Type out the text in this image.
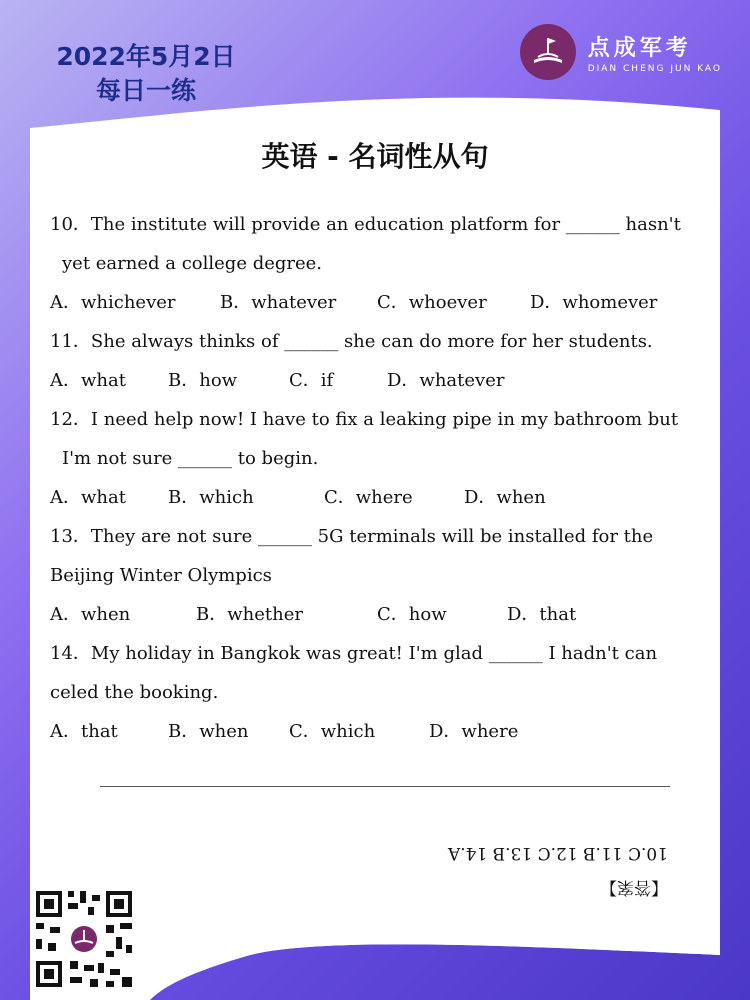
2022年5月2日
每日一练
点成军考
DIAN CHENG JUN KAO
英语 - 名词性从句
10．The institute will provide an education platform for ______ hasn't
yet earned a college degree.
A．whichever	B．whatever	C．whoever	D．whomever
11．She always thinks of ______ she can do more for her students.
A．what	B．how	C．if	D．whatever
12．I need help now! I have to fix a leaking pipe in my bathroom but
I'm not sure ______ to begin.
A．what	B．which	C．where	D．when
13．They are not sure ______ 5G terminals will be installed for the
Beijing Winter Olympics
A．when	B．whether	C．how	D．that
14．My holiday in Bangkok was great! I'm glad ______ I hadn't can
celed the booking.
A．that	B．when	C．which	D．where
【答案】
10.C 11.B 12.C 13.B 14.A
